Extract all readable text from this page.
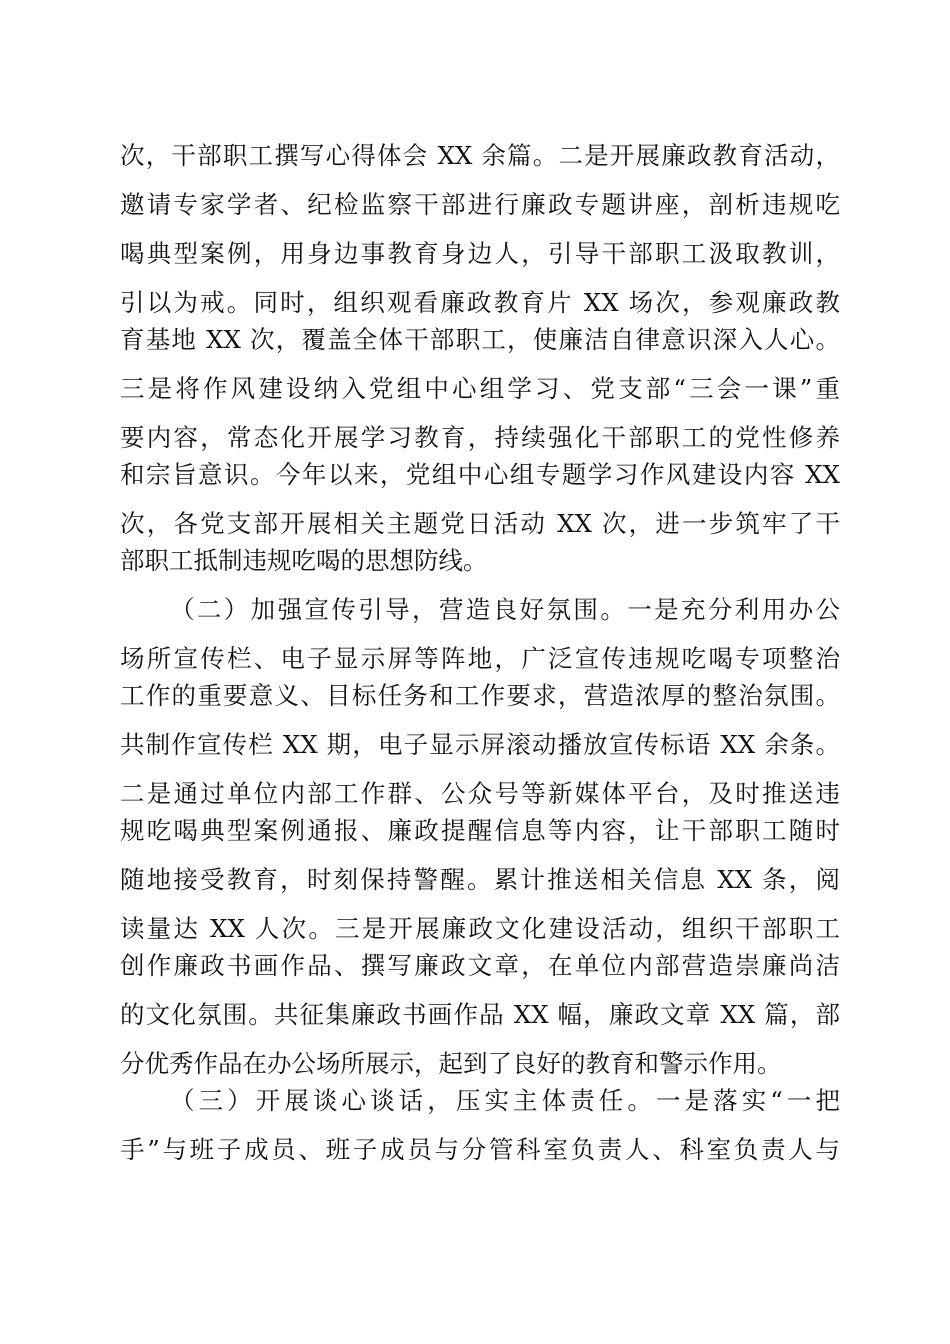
次，干部职工撰写心得体会 XX 余篇。二是开展廉政教育活动，
邀请专家学者、纪检监察干部进行廉政专题讲座，剖析违规吃
喝典型案例，用身边事教育身边人，引导干部职工汲取教训，
引以为戒。同时，组织观看廉政教育片 XX 场次，参观廉政教
育基地 XX 次，覆盖全体干部职工，使廉洁自律意识深入人心。
三是将作风建设纳入党组中心组学习、党支部“三会一课”重
要内容，常态化开展学习教育，持续强化干部职工的党性修养
和宗旨意识。今年以来，党组中心组专题学习作风建设内容 XX
次，各党支部开展相关主题党日活动 XX 次，进一步筑牢了干
部职工抵制违规吃喝的思想防线。
（二）加强宣传引导，营造良好氛围。一是充分利用办公
场所宣传栏、电子显示屏等阵地，广泛宣传违规吃喝专项整治
工作的重要意义、目标任务和工作要求，营造浓厚的整治氛围。
共制作宣传栏 XX 期，电子显示屏滚动播放宣传标语 XX 余条。
二是通过单位内部工作群、公众号等新媒体平台，及时推送违
规吃喝典型案例通报、廉政提醒信息等内容，让干部职工随时
随地接受教育，时刻保持警醒。累计推送相关信息 XX 条，阅
读量达 XX 人次。三是开展廉政文化建设活动，组织干部职工
创作廉政书画作品、撰写廉政文章，在单位内部营造崇廉尚洁
的文化氛围。共征集廉政书画作品 XX 幅，廉政文章 XX 篇，部
分优秀作品在办公场所展示，起到了良好的教育和警示作用。
（三）开展谈心谈话，压实主体责任。一是落实“一把
手”与班子成员、班子成员与分管科室负责人、科室负责人与
